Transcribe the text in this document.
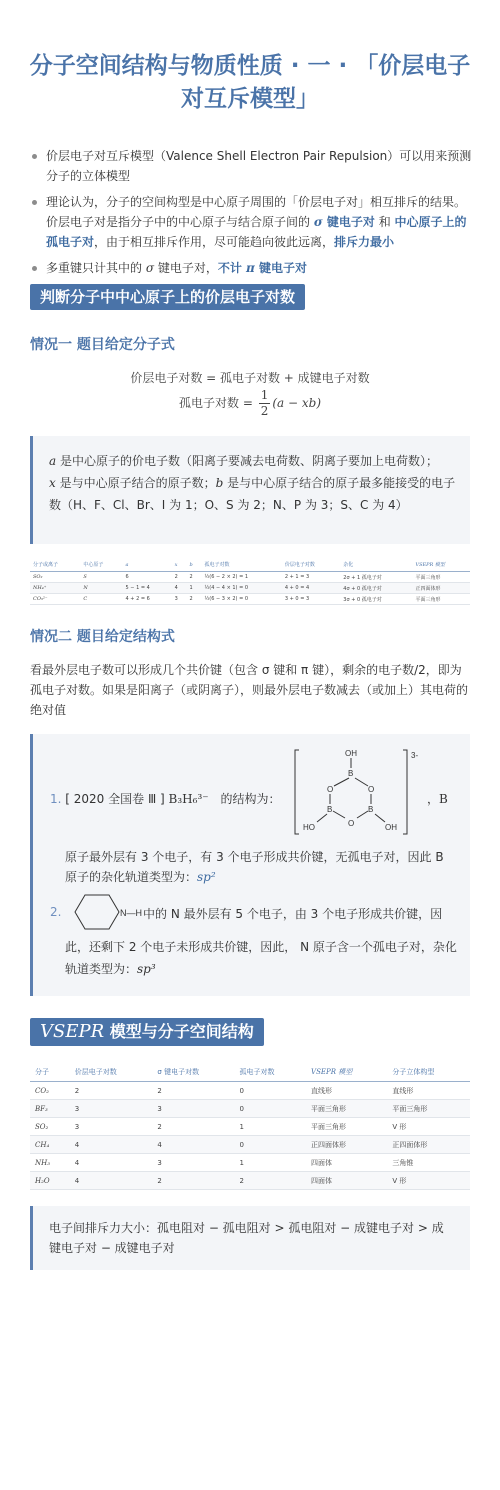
分子空间结构与物质性质 · 一 · 「价层电子
对互斥模型」
价层电子对互斥模型（Valence Shell Electron Pair Repulsion）可以用来预测分子的立体模型
理论认为，分子的空间构型是中心原子周围的「价层电子对」相互排斥的结果。价层电子对是指分子中的中心原子与结合原子间的 σ 键电子对 和 中心原子上的孤电子对，由于相互排斥作用，尽可能趋向彼此远离，排斥力最小
多重键只计其中的 σ 键电子对，不计 π 键电子对
判断分子中中心原子上的价层电子对数
情况一 题目给定分子式
价层电子对数 = 孤电子对数 + 成键电子对数
孤电子对数 = $\frac{1}{2} (a - xb)$
a 是中心原子的价电子数（阳离子要减去电荷数、阴离子要加上电荷数）；
x 是与中心原子结合的原子数；b 是与中心原子结合的原子最多能接受的电子数（H、F、Cl、Br、I 为 1；O、S 为 2；N、P 为 3；S、C 为 4）
分子或离子	中心原子	a	x	b	孤电子对数	价层电子对数	杂化	VSEPR 模型
SO₂	S	6	2	2	½(6 − 2 × 2) = 1	2 + 1 = 3	2σ + 1 孤电子对	平面三角形
NH₄⁺	N	5 − 1 = 4	4	1	½(4 − 4 × 1) = 0	4 + 0 = 4	4σ + 0 孤电子对	正四面体形
CO₃²⁻	C	4 + 2 = 6	3	2	½(6 − 3 × 2) = 0	3 + 0 = 3	3σ + 0 孤电子对	平面三角形
情况二 题目给定结构式
看最外层电子数可以形成几个共价键（包含 σ 键和 π 键），剩余的电子数/2，即为孤电子对数。如果是阳离子（或阴离子），则最外层电子数减去（或加上）其电荷的绝对值
1. [ 2020 全国卷 Ⅲ ] B₃H₆³⁻ 的结构为：
OH
B
O	O
B	B
O
HO	OH
3-
，B
原子最外层有 3 个电子，有 3 个电子形成共价键，无孤电子对，因此 B 原子的杂化轨道类型为：sp²
2.	N—H 中的 N 最外层有 5 个电子，由 3 个电子形成共价键，因
此，还剩下 2 个电子未形成共价键，因此， N 原子含一个孤电子对，杂化轨道类型为：sp³
VSEPR 模型与分子空间结构
分子	价层电子对数	σ 键电子对数	孤电子对数	VSEPR 模型	分子立体构型
CO₂	2	2	0	直线形	直线形
BF₃	3	3	0	平面三角形	平面三角形
SO₂	3	2	1	平面三角形	V 形
CH₄	4	4	0	正四面体形	正四面体形
NH₃	4	3	1	四面体	三角锥
H₂O	4	2	2	四面体	V 形
电子间排斥力大小：孤电阻对 − 孤电阻对 > 孤电阻对 − 成键电子对 > 成键电子对 − 成键电子对
